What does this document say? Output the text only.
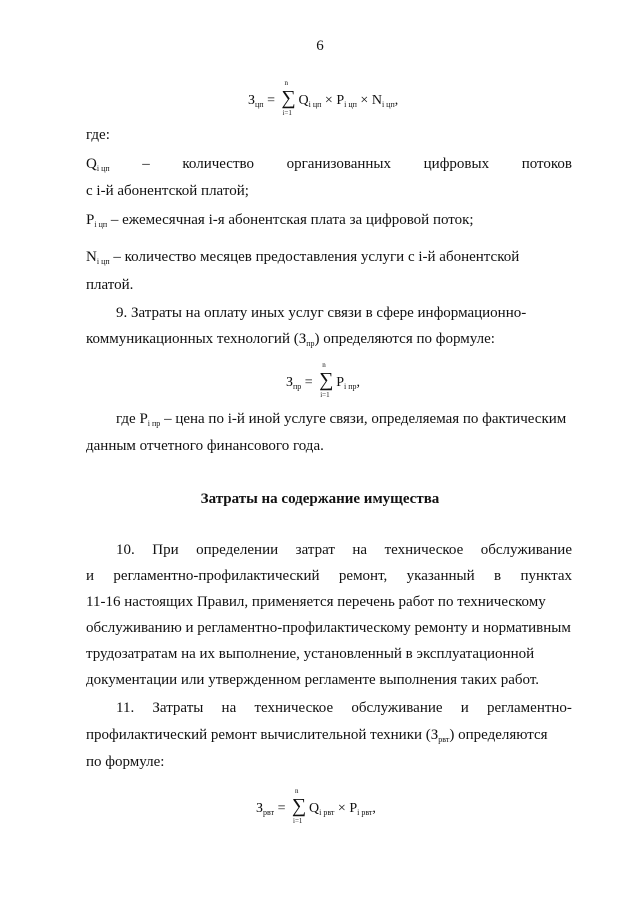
6
$З_{цп}$ =
n
∑
i=1
$Q_{i цп} \times P_{i цп} \times N_{i цп}$,
где:
$Q_{i цп}$ – количество организованных цифровых потоков
с i-й абонентской платой;
$P_{i цп}$ – ежемесячная i-я абонентская плата за цифровой поток;
$N_{i цп}$ – количество месяцев предоставления услуги с i-й абонентской
платой.
9. Затраты на оплату иных услуг связи в сфере информационно-
коммуникационных технологий $(З_{пр})$ определяются по формуле:
$З_{пр}$ =
n
∑
i=1
$P_{i пр}$,
где $P_{i пр}$ – цена по i-й иной услуге связи, определяемая по фактическим
данным отчетного финансового года.
Затраты на содержание имущества
10. При определении затрат на техническое обслуживание
и регламентно-профилактический ремонт, указанный в пунктах
11-16 настоящих Правил, применяется перечень работ по техническому
обслуживанию и регламентно-профилактическому ремонту и нормативным
трудозатратам на их выполнение, установленный в эксплуатационной
документации или утвержденном регламенте выполнения таких работ.
11. Затраты на техническое обслуживание и регламентно-
профилактический ремонт вычислительной техники $(З_{рвт})$ определяются
по формуле:
$З_{рвт}$ =
n
∑
i=1
$Q_{i рвт} \times P_{i рвт}$,
